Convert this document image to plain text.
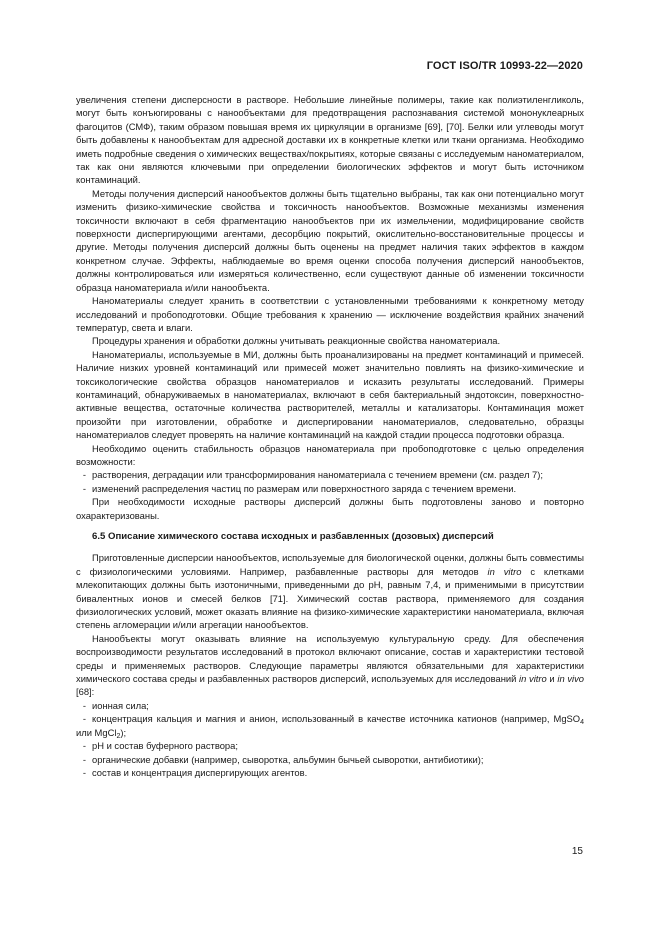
ГОСТ ISO/TR 10993-22—2020

увеличения степени дисперсности в растворе. Небольшие линейные полимеры, такие как полиэтиленгликоль, могут быть конъюгированы с нанообъектами для предотвращения распознавания системой мононуклеарных фагоцитов (СМФ), таким образом повышая время их циркуляции в организме [69], [70]. Белки или углеводы могут быть добавлены к нанообъектам для адресной доставки их в конкретные клетки или ткани организма. Необходимо иметь подробные сведения о химических веществах/покрытиях, которые связаны с исследуемым наноматериалом, так как они являются ключевыми при определении биологических эффектов и могут быть источником контаминаций.

Методы получения дисперсий нанообъектов должны быть тщательно выбраны, так как они потенциально могут изменить физико-химические свойства и токсичность нанообъектов. Возможные механизмы изменения токсичности включают в себя фрагментацию нанообъектов при их измельчении, модифицирование свойств поверхности диспергирующими агентами, десорбцию покрытий, окислительно-восстановительные процессы и другие. Методы получения дисперсий должны быть оценены на предмет наличия таких эффектов в каждом конкретном случае. Эффекты, наблюдаемые во время оценки способа получения дисперсий нанообъектов, должны контролироваться или измеряться количественно, если существуют данные об изменении токсичности образца наноматериала и/или нанообъекта.

Наноматериалы следует хранить в соответствии с установленными требованиями к конкретному методу исследований и пробоподготовки. Общие требования к хранению — исключение воздействия крайних значений температур, света и влаги.

Процедуры хранения и обработки должны учитывать реакционные свойства наноматериала.

Наноматериалы, используемые в МИ, должны быть проанализированы на предмет контаминаций и примесей. Наличие низких уровней контаминаций или примесей может значительно повлиять на физико-химические и токсикологические свойства образцов наноматериалов и исказить результаты исследований. Примеры контаминаций, обнаруживаемых в наноматериалах, включают в себя бактериальный эндотоксин, поверхностно-активные вещества, остаточные количества растворителей, металлы и катализаторы. Контаминация может произойти при изготовлении, обработке и диспергировании наноматериалов, следовательно, образцы наноматериалов следует проверять на наличие контаминаций на каждой стадии процесса подготовки образца.

Необходимо оценить стабильность образцов наноматериала при пробоподготовке с целью определения возможности:

- растворения, деградации или трансформирования наноматериала с течением времени (см. раздел 7);

- изменений распределения частиц по размерам или поверхностного заряда с течением времени.

При необходимости исходные растворы дисперсий должны быть подготовлены заново и повторно охарактеризованы.

6.5 Описание химического состава исходных и разбавленных (дозовых) дисперсий

Приготовленные дисперсии нанообъектов, используемые для биологической оценки, должны быть совместимы с физиологическими условиями. Например, разбавленные растворы для методов in vitro с клетками млекопитающих должны быть изотоничными, приведенными до pH, равным 7,4, и применимыми в присутствии бивалентных ионов и смесей белков [71]. Химический состав раствора, применяемого для создания физиологических условий, может оказать влияние на физико-химические характеристики наноматериала, включая степень агломерации и/или агрегации нанообъектов.

Нанообъекты могут оказывать влияние на используемую культуральную среду. Для обеспечения воспроизводимости результатов исследований в протокол включают описание, состав и характеристики тестовой среды и применяемых растворов. Следующие параметры являются обязательными для характеристики химического состава среды и разбавленных растворов дисперсий, используемых для исследований in vitro и in vivo [68]:

- ионная сила;

- концентрация кальция и магния и анион, использованный в качестве источника катионов (например, MgSO$_4$ или MgCl$_2$);

- pH и состав буферного раствора;

- органические добавки (например, сыворотка, альбумин бычьей сыворотки, антибиотики);

- состав и концентрация диспергирующих агентов.

15
